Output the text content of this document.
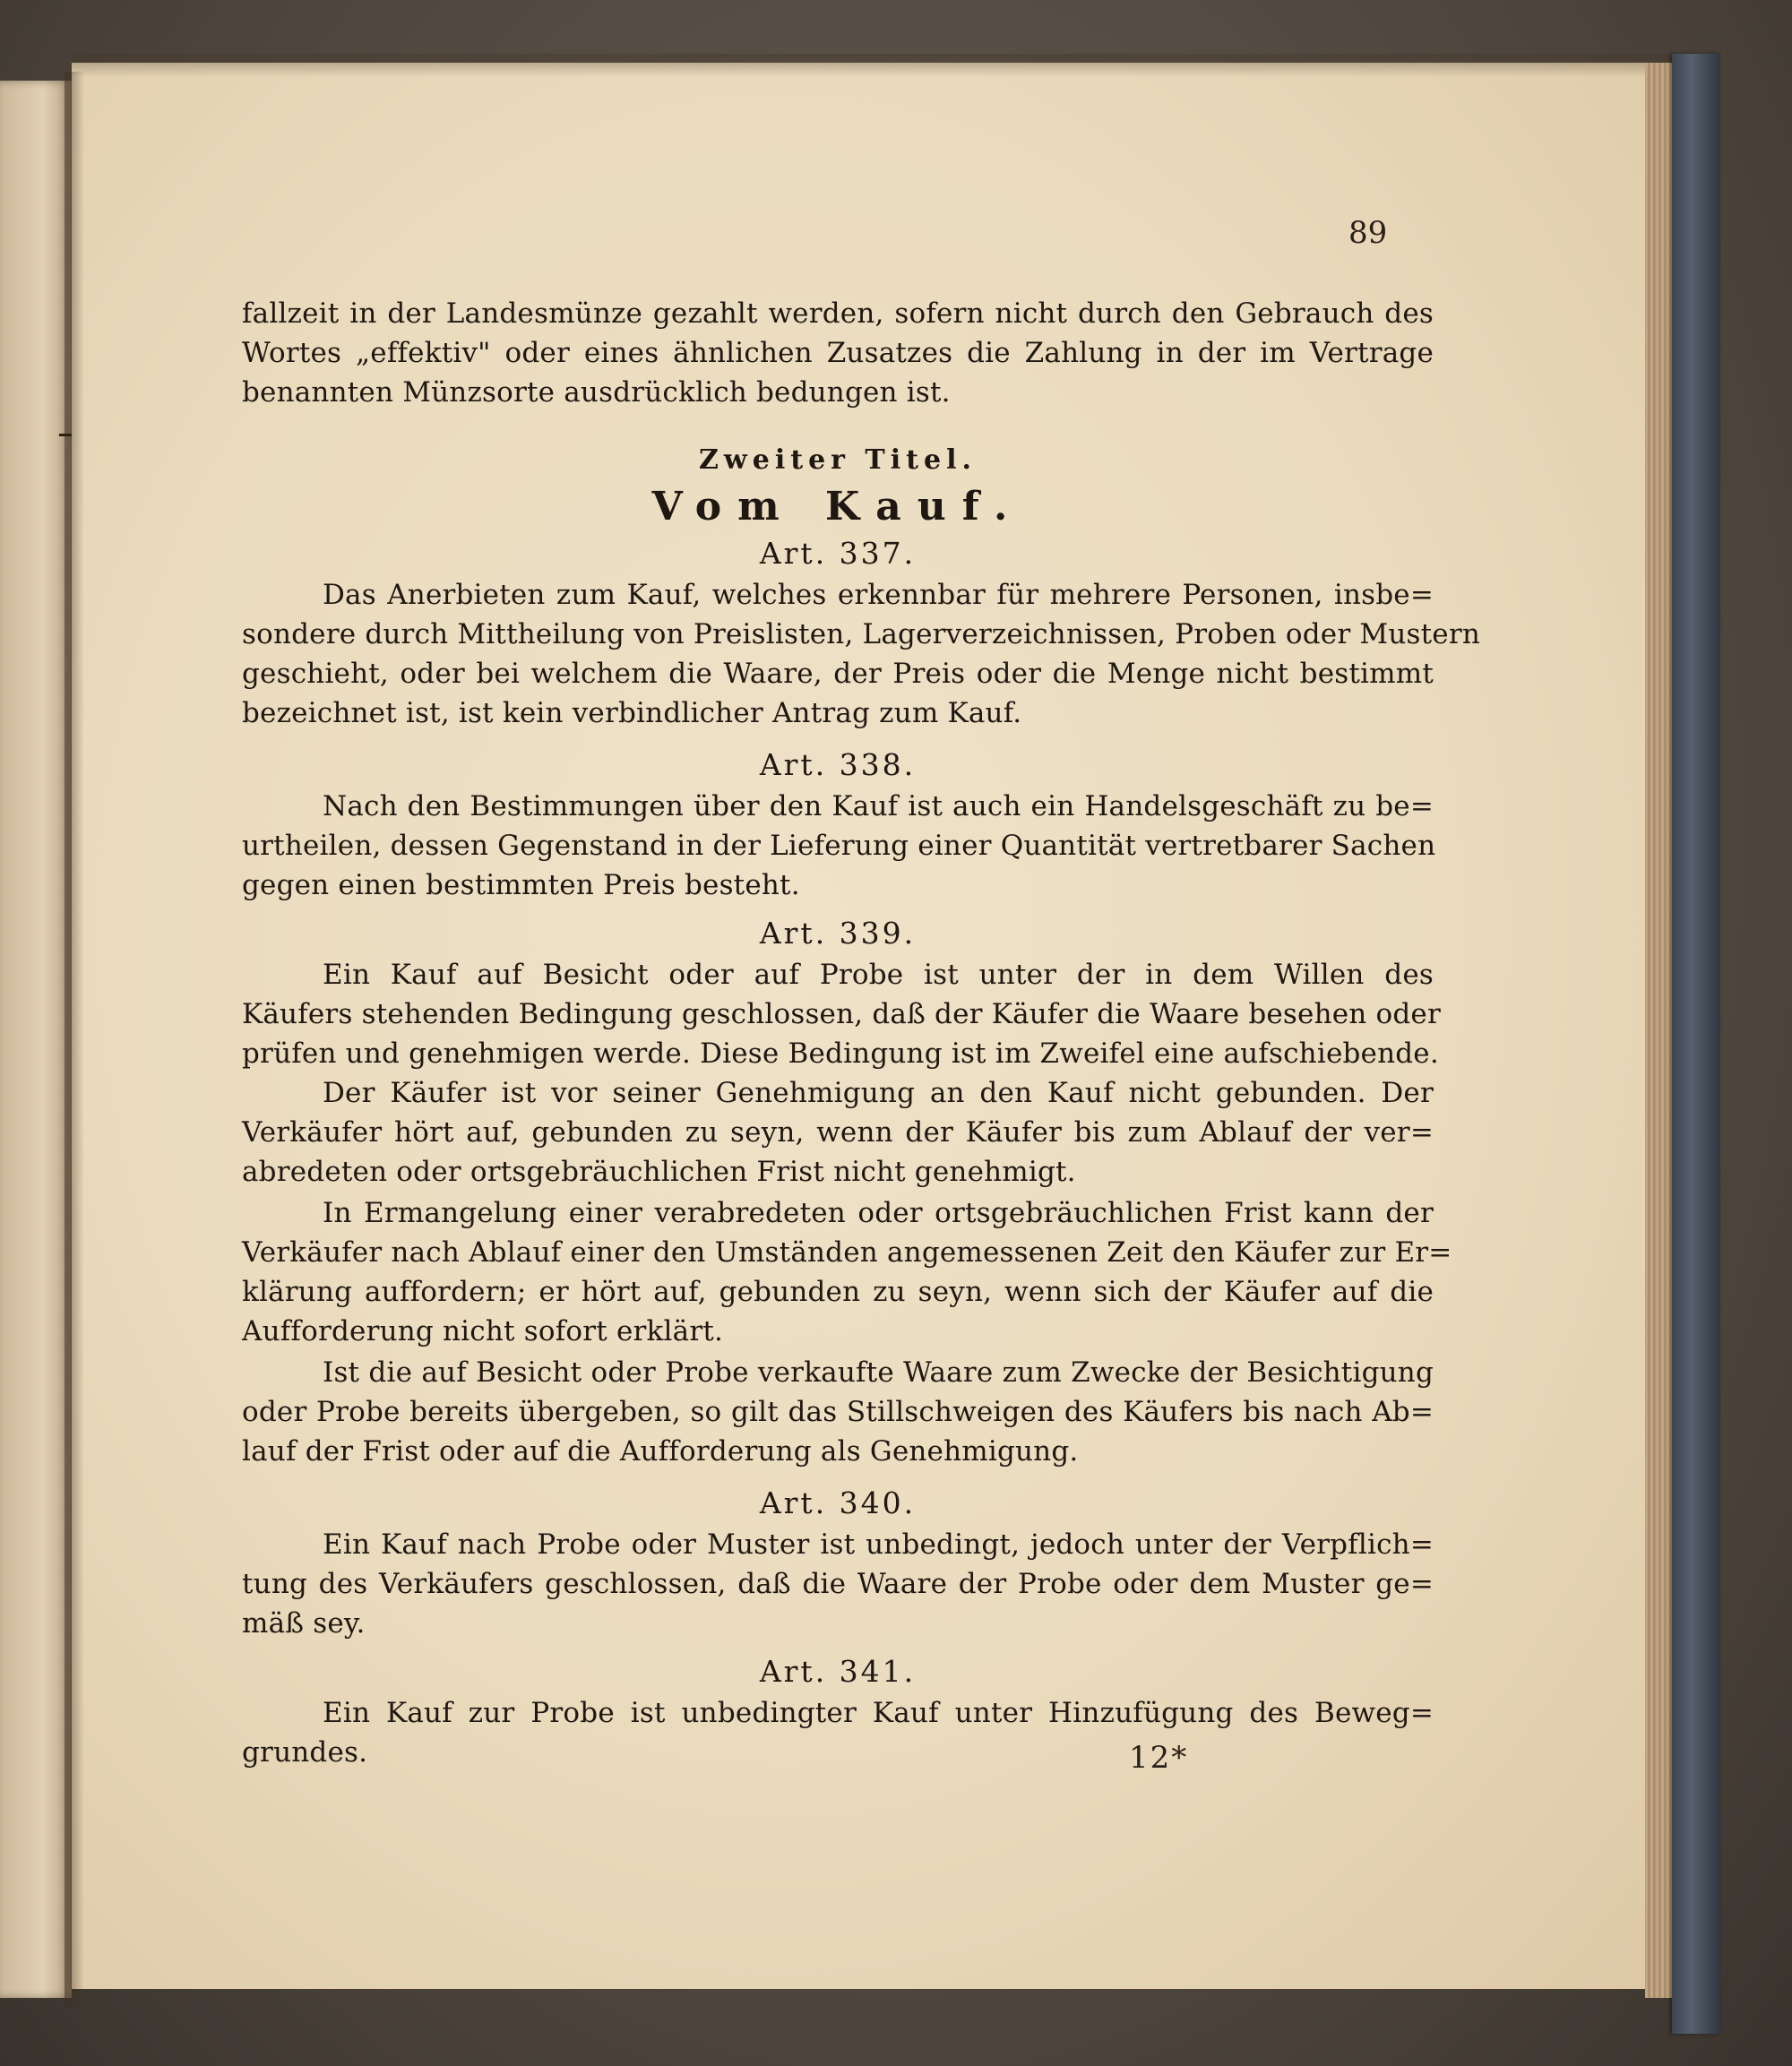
89
fallzeit in der Landesmünze gezahlt werden, sofern nicht durch den Gebrauch des
Wortes „effektiv" oder eines ähnlichen Zusatzes die Zahlung in der im Vertrage
benannten Münzsorte ausdrücklich bedungen ist.
Zweiter Titel.
Vom Kauf.
Art. 337.
Das Anerbieten zum Kauf, welches erkennbar für mehrere Personen, insbe=
sondere durch Mittheilung von Preislisten, Lagerverzeichnissen, Proben oder Mustern
geschieht, oder bei welchem die Waare, der Preis oder die Menge nicht bestimmt
bezeichnet ist, ist kein verbindlicher Antrag zum Kauf.
Art. 338.
Nach den Bestimmungen über den Kauf ist auch ein Handelsgeschäft zu be=
urtheilen, dessen Gegenstand in der Lieferung einer Quantität vertretbarer Sachen
gegen einen bestimmten Preis besteht.
Art. 339.
Ein Kauf auf Besicht oder auf Probe ist unter der in dem Willen des
Käufers stehenden Bedingung geschlossen, daß der Käufer die Waare besehen oder
prüfen und genehmigen werde. Diese Bedingung ist im Zweifel eine aufschiebende.
Der Käufer ist vor seiner Genehmigung an den Kauf nicht gebunden. Der
Verkäufer hört auf, gebunden zu seyn, wenn der Käufer bis zum Ablauf der ver=
abredeten oder ortsgebräuchlichen Frist nicht genehmigt.
In Ermangelung einer verabredeten oder ortsgebräuchlichen Frist kann der
Verkäufer nach Ablauf einer den Umständen angemessenen Zeit den Käufer zur Er=
klärung auffordern; er hört auf, gebunden zu seyn, wenn sich der Käufer auf die
Aufforderung nicht sofort erklärt.
Ist die auf Besicht oder Probe verkaufte Waare zum Zwecke der Besichtigung
oder Probe bereits übergeben, so gilt das Stillschweigen des Käufers bis nach Ab=
lauf der Frist oder auf die Aufforderung als Genehmigung.
Art. 340.
Ein Kauf nach Probe oder Muster ist unbedingt, jedoch unter der Verpflich=
tung des Verkäufers geschlossen, daß die Waare der Probe oder dem Muster ge=
mäß sey.
Art. 341.
Ein Kauf zur Probe ist unbedingter Kauf unter Hinzufügung des Beweg=
grundes.	12*
